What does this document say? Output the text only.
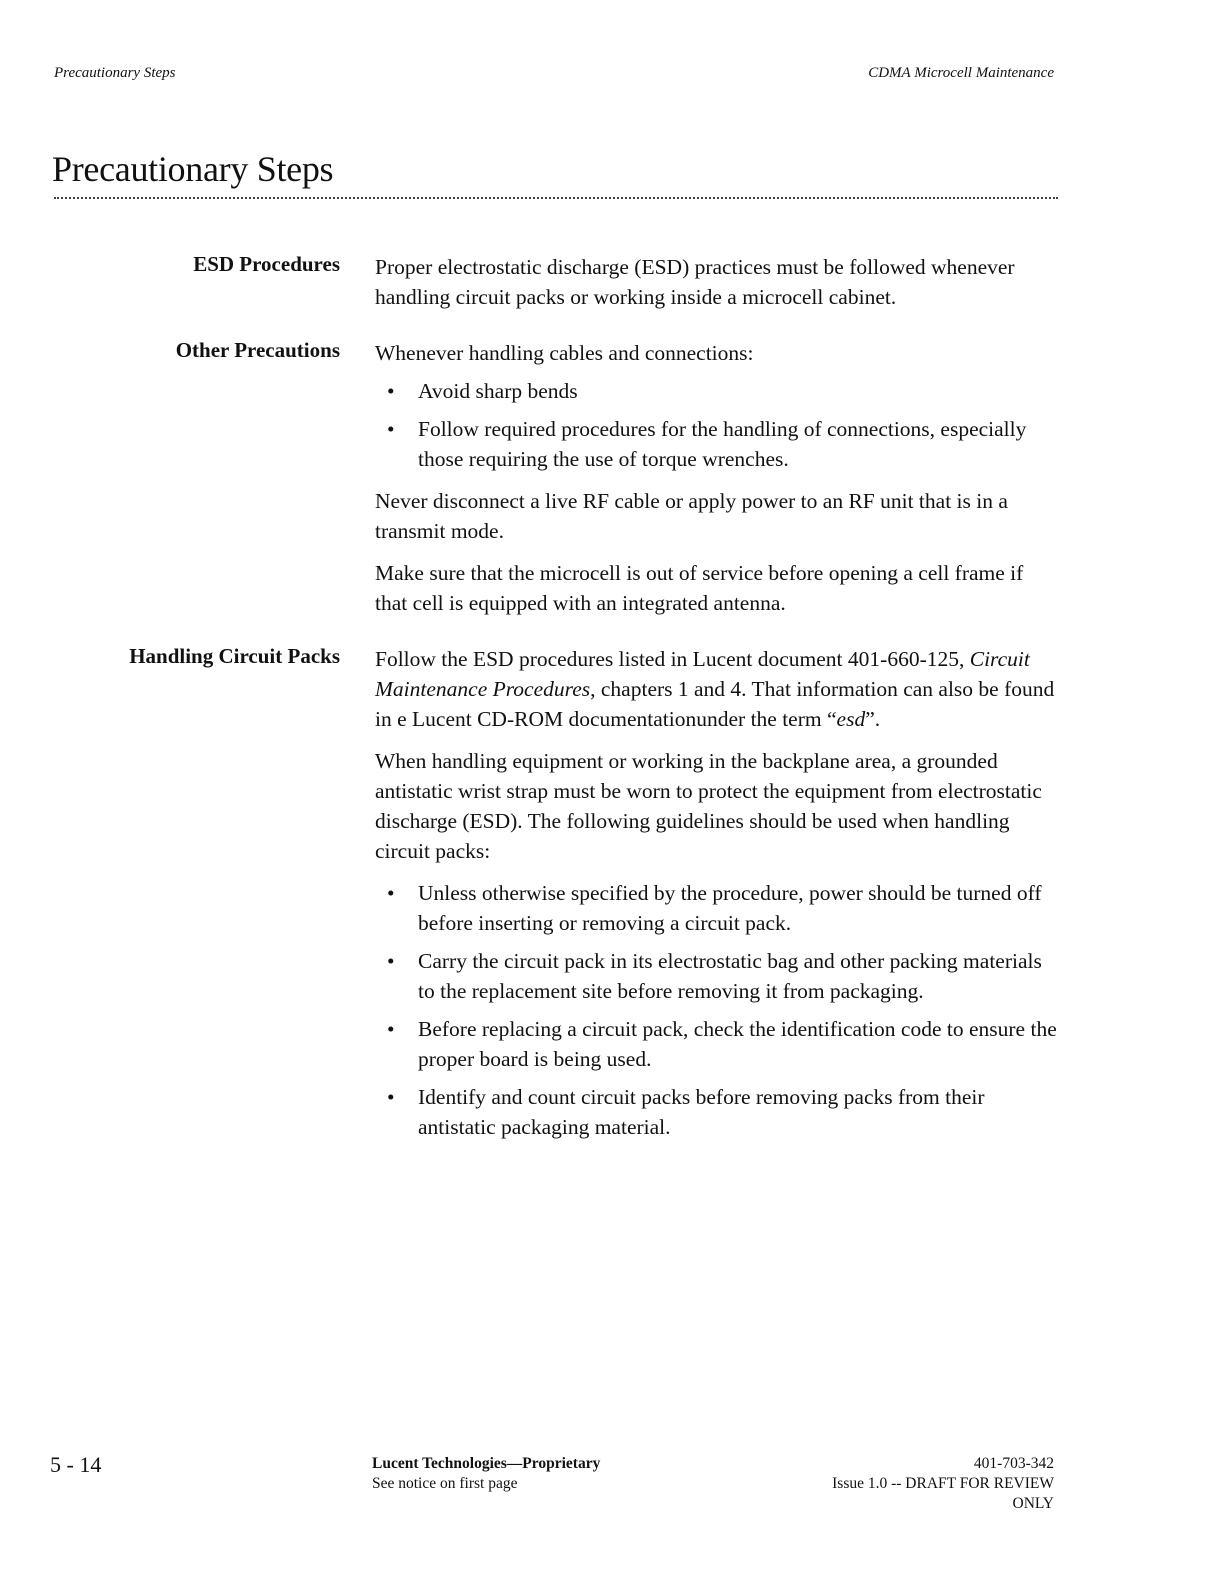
Precautionary Steps	CDMA Microcell Maintenance
Precautionary Steps
ESD Procedures Proper electrostatic discharge (ESD) practices must be followed whenever handling circuit packs or working inside a microcell cabinet.

Other Precautions Whenever handling cables and connections:

• Avoid sharp bends
• Follow required procedures for the handling of connections, especially those requiring the use of torque wrenches.

Never disconnect a live RF cable or apply power to an RF unit that is in a transmit mode.

Make sure that the microcell is out of service before opening a cell frame if that cell is equipped with an integrated antenna.

Handling Circuit Packs Follow the ESD procedures listed in Lucent document 401-660-125, Circuit Maintenance Procedures, chapters 1 and 4. That information can also be found in e Lucent CD-ROM documentationunder the term “esd”.

When handling equipment or working in the backplane area, a grounded antistatic wrist strap must be worn to protect the equipment from electrostatic discharge (ESD). The following guidelines should be used when handling circuit packs:

• Unless otherwise specified by the procedure, power should be turned off before inserting or removing a circuit pack.
• Carry the circuit pack in its electrostatic bag and other packing materials to the replacement site before removing it from packaging.
• Before replacing a circuit pack, check the identification code to ensure the proper board is being used.
• Identify and count circuit packs before removing packs from their antistatic packaging material.
5 - 14	Lucent Technologies—Proprietary
See notice on first page
401-703-342
Issue 1.0 -- DRAFT FOR REVIEW
ONLY
